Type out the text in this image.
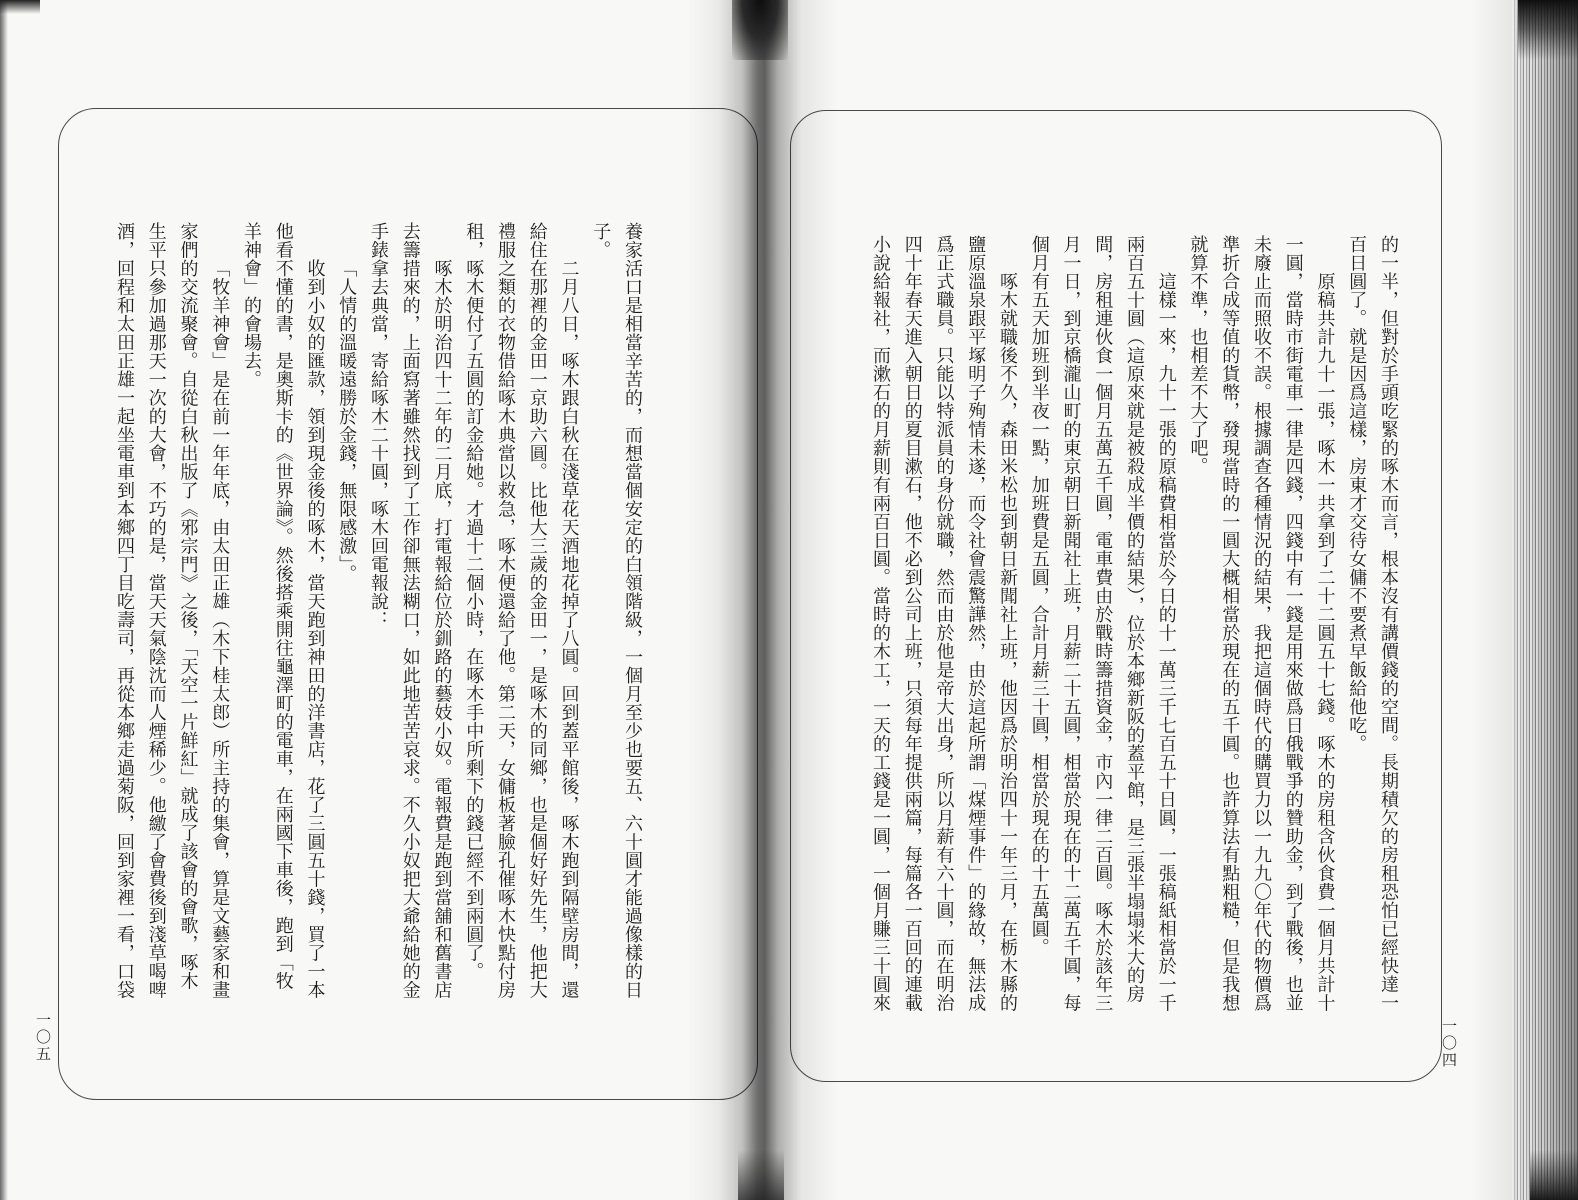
養家活口是相當辛苦的，而想當個安定的白領階級，一個月至少也要五、六十圓才能過像樣的日
子。
二月八日，啄木跟白秋在淺草花天酒地花掉了八圓。回到蓋平館後，啄木跑到隔壁房間，還
給住在那裡的金田一京助六圓。比他大三歲的金田一，是啄木的同鄉，也是個好好先生，他把大
禮服之類的衣物借給啄木典當以救急，啄木便還給了他。第二天，女傭板著臉孔催啄木快點付房
租，啄木便付了五圓的訂金給她。才過十二個小時，在啄木手中所剩下的錢已經不到兩圓了。
啄木於明治四十二年的二月底，打電報給位於釧路的藝妓小奴。電報費是跑到當舖和舊書店
去籌措來的，上面寫著雖然找到了工作卻無法糊口，如此地苦苦哀求。不久小奴把大爺給她的金
手錶拿去典當，寄給啄木二十圓，啄木回電報說：
「人情的溫暖遠勝於金錢，無限感激」。
收到小奴的匯款，領到現金後的啄木，當天跑到神田的洋書店，花了三圓五十錢，買了一本
他看不懂的書，是奧斯卡的《世界論》。然後搭乘開往龜澤町的電車，在兩國下車後，跑到「牧
羊神會」的會場去。
「牧羊神會」是在前一年年底，由太田正雄（木下桂太郎）所主持的集會，算是文藝家和畫
家們的交流聚會。自從白秋出版了《邪宗門》之後，「天空一片鮮紅」就成了該會的會歌，啄木
生平只參加過那天一次的大會，不巧的是，當天天氣陰沈而人煙稀少。他繳了會費後到淺草喝啤
酒，回程和太田正雄一起坐電車到本鄉四丁目吃壽司，再從本鄉走過菊阪，回到家裡一看，口袋
一〇五
的一半，但對於手頭吃緊的啄木而言，根本沒有講價錢的空間。長期積欠的房租恐怕已經快達一
百日圓了。就是因爲這樣，房東才交待女傭不要煮早飯給他吃。
原稿共計九十一張，啄木一共拿到了二十二圓五十七錢。啄木的房租含伙食費一個月共計十
一圓，當時市街電車一律是四錢，四錢中有一錢是用來做爲日俄戰爭的贊助金，到了戰後，也並
未廢止而照收不誤。根據調查各種情況的結果，我把這個時代的購買力以一九九〇年代的物價爲
準折合成等值的貨幣，發現當時的一圓大概相當於現在的五千圓。也許算法有點粗糙，但是我想
就算不準，也相差不大了吧。
這樣一來，九十一張的原稿費相當於今日的十一萬三千七百五十日圓，一張稿紙相當於一千
兩百五十圓（這原來就是被殺成半價的結果），位於本鄉新阪的蓋平館，是三張半塌塌米大的房
間，房租連伙食一個月五萬五千圓，電車費由於戰時籌措資金，市內一律二百圓。啄木於該年三
月一日，到京橋瀧山町的東京朝日新聞社上班，月薪二十五圓，相當於現在的十二萬五千圓，每
個月有五天加班到半夜一點，加班費是五圓，合計月薪三十圓，相當於現在的十五萬圓。
啄木就職後不久，森田米松也到朝日新聞社上班，他因爲於明治四十一年三月，在栃木縣的
鹽原溫泉跟平塚明子殉情未遂，而令社會震驚譁然，由於這起所謂「煤煙事件」的緣故，無法成
爲正式職員。只能以特派員的身份就職，然而由於他是帝大出身，所以月薪有六十圓，而在明治
四十年春天進入朝日的夏目漱石，他不必到公司上班，只須每年提供兩篇，每篇各一百回的連載
小說給報社，而漱石的月薪則有兩百日圓。當時的木工，一天的工錢是一圓，一個月賺三十圓來
一〇四
